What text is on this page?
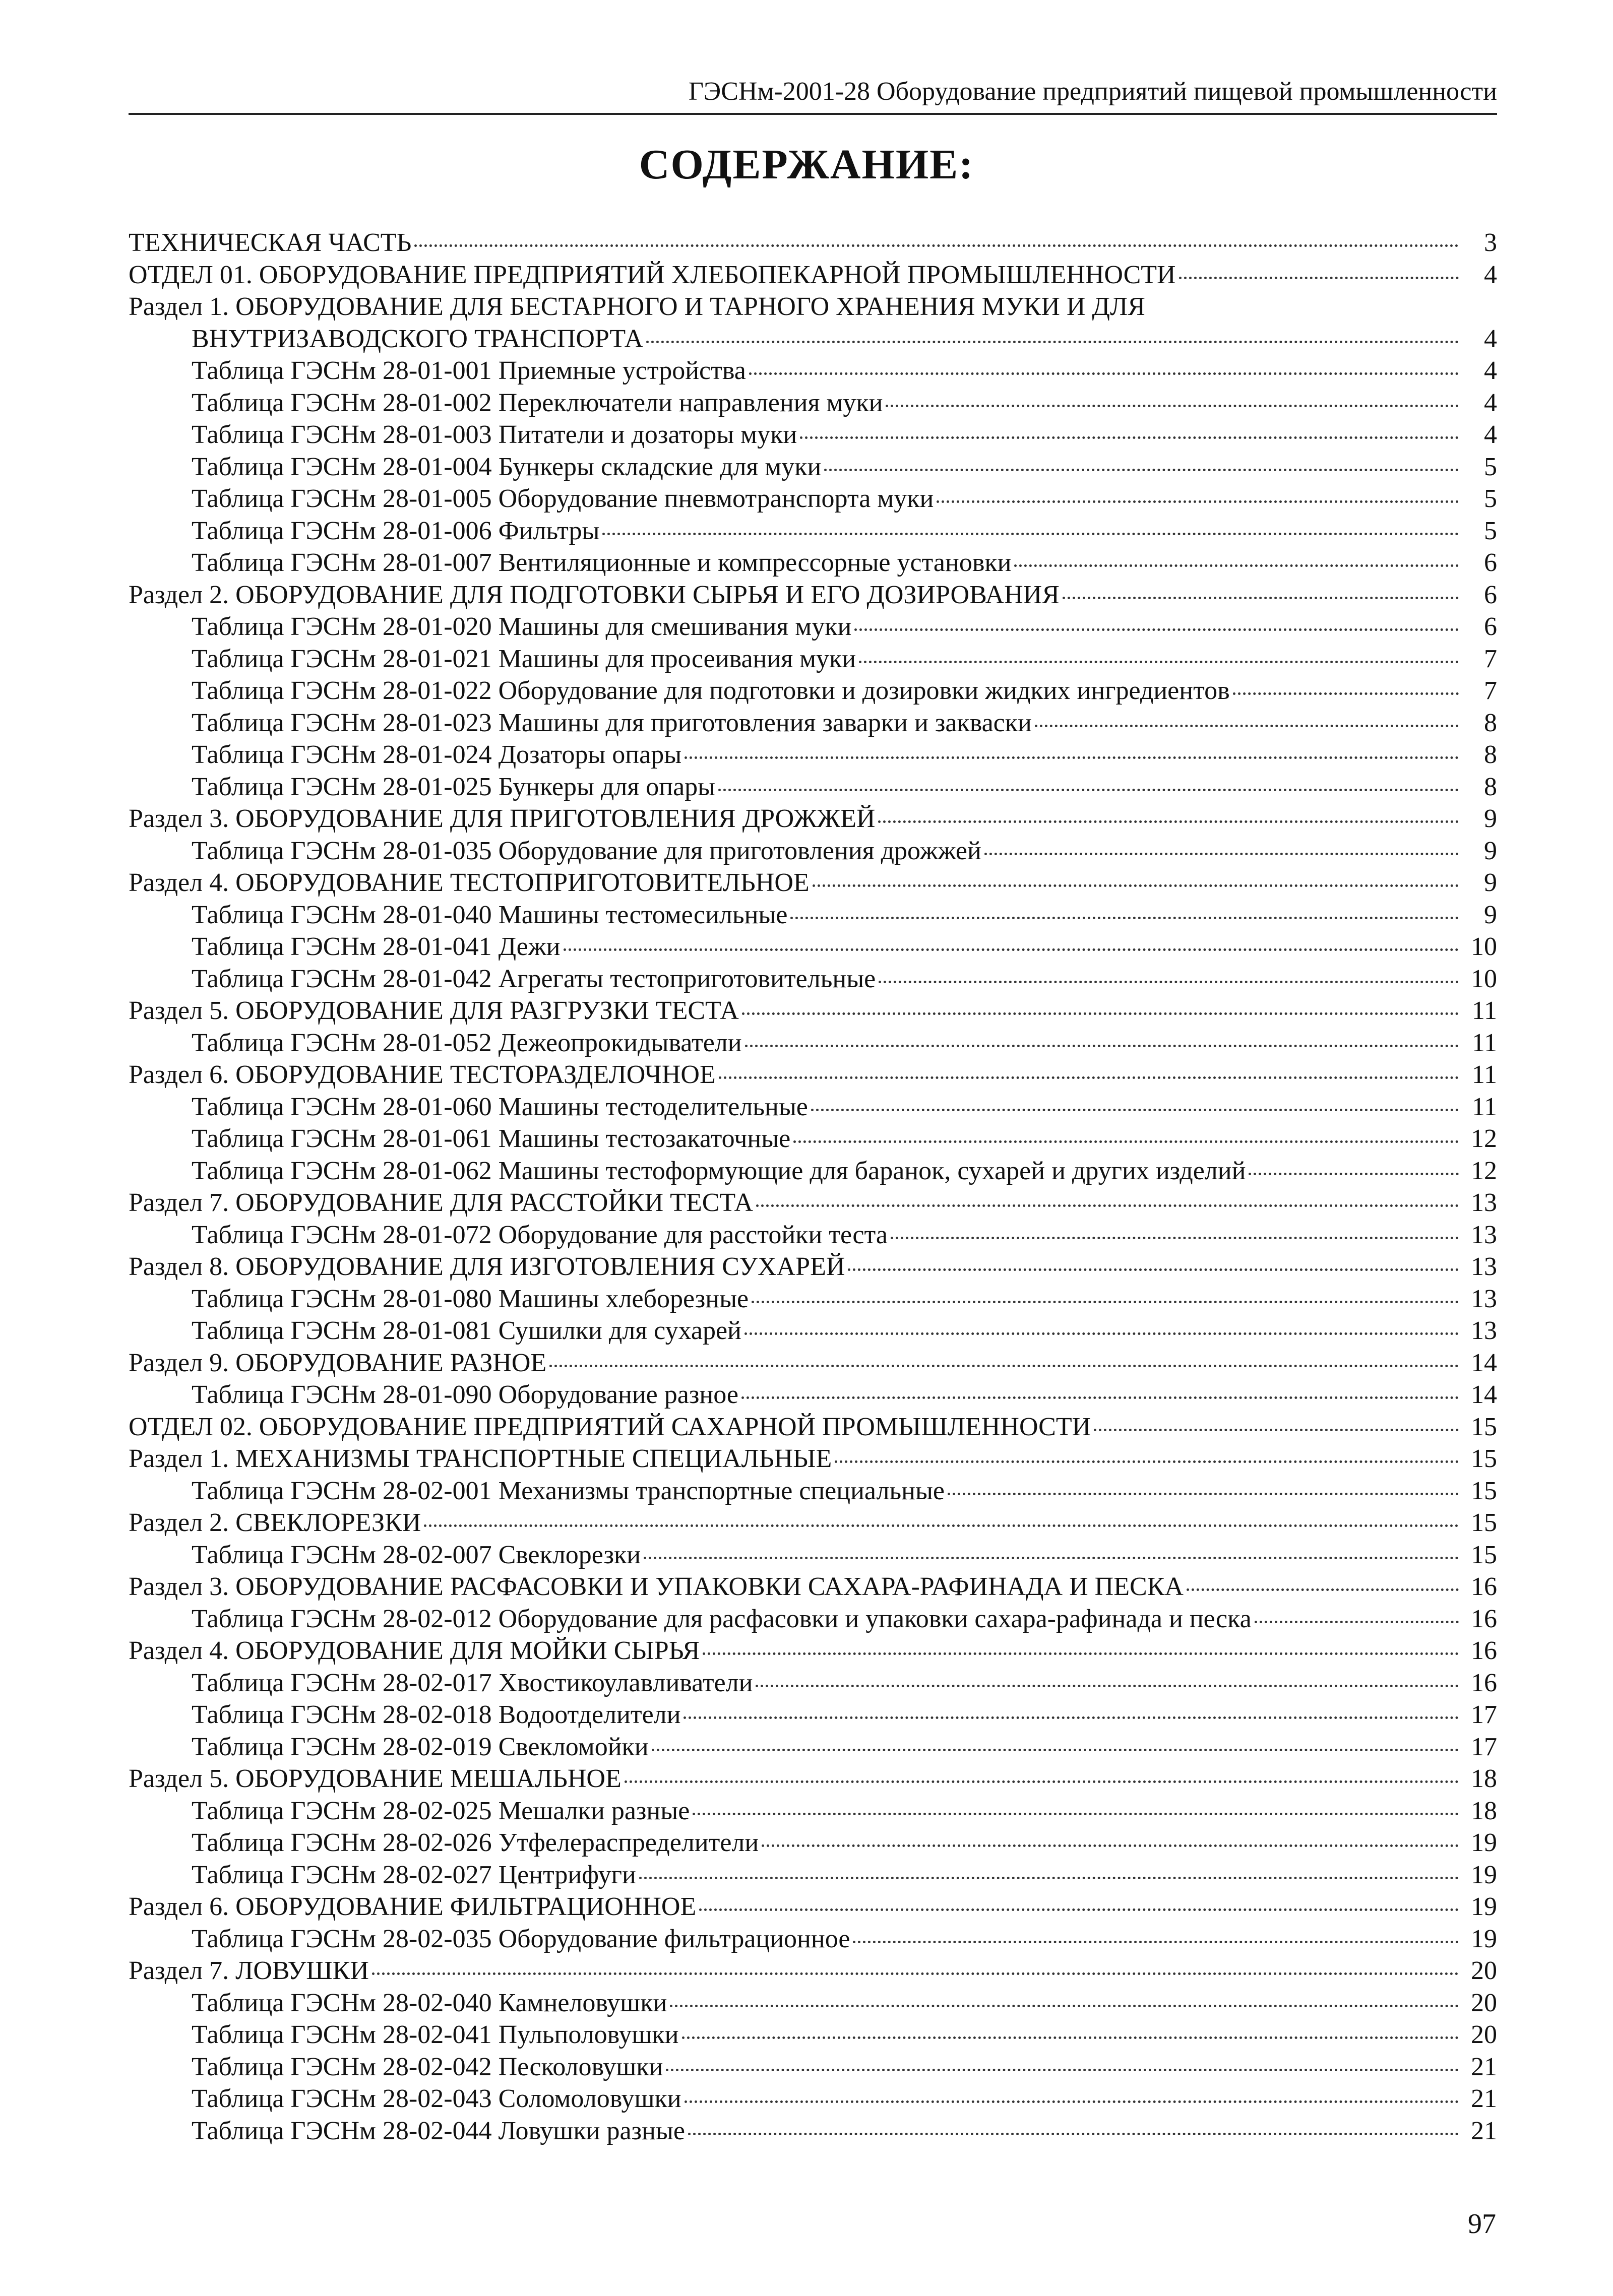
ГЭСНм-2001-28 Оборудование предприятий пищевой промышленности
СОДЕРЖАНИЕ:
ТЕХНИЧЕСКАЯ ЧАСТЬ	3
ОТДЕЛ 01. ОБОРУДОВАНИЕ ПРЕДПРИЯТИЙ ХЛЕБОПЕКАРНОЙ ПРОМЫШЛЕННОСТИ	4
Раздел 1. ОБОРУДОВАНИЕ ДЛЯ БЕСТАРНОГО И ТАРНОГО ХРАНЕНИЯ МУКИ И ДЛЯ
ВНУТРИЗАВОДСКОГО ТРАНСПОРТА	4
Таблица ГЭСНм 28-01-001 Приемные устройства	4
Таблица ГЭСНм 28-01-002 Переключатели направления муки	4
Таблица ГЭСНм 28-01-003 Питатели и дозаторы муки	4
Таблица ГЭСНм 28-01-004 Бункеры складские для муки	5
Таблица ГЭСНм 28-01-005 Оборудование пневмотранспорта муки	5
Таблица ГЭСНм 28-01-006 Фильтры	5
Таблица ГЭСНм 28-01-007 Вентиляционные и компрессорные установки	6
Раздел 2. ОБОРУДОВАНИЕ ДЛЯ ПОДГОТОВКИ СЫРЬЯ И ЕГО ДОЗИРОВАНИЯ	6
Таблица ГЭСНм 28-01-020 Машины для смешивания муки	6
Таблица ГЭСНм 28-01-021 Машины для просеивания муки	7
Таблица ГЭСНм 28-01-022 Оборудование для подготовки и дозировки жидких ингредиентов	7
Таблица ГЭСНм 28-01-023 Машины для приготовления заварки и закваски	8
Таблица ГЭСНм 28-01-024 Дозаторы опары	8
Таблица ГЭСНм 28-01-025 Бункеры для опары	8
Раздел 3. ОБОРУДОВАНИЕ ДЛЯ ПРИГОТОВЛЕНИЯ ДРОЖЖЕЙ	9
Таблица ГЭСНм 28-01-035 Оборудование для приготовления дрожжей	9
Раздел 4. ОБОРУДОВАНИЕ ТЕСТОПРИГОТОВИТЕЛЬНОЕ	9
Таблица ГЭСНм 28-01-040 Машины тестомесильные	9
Таблица ГЭСНм 28-01-041 Дежи	10
Таблица ГЭСНм 28-01-042 Агрегаты тестоприготовительные	10
Раздел 5. ОБОРУДОВАНИЕ ДЛЯ РАЗГРУЗКИ ТЕСТА	11
Таблица ГЭСНм 28-01-052 Дежеопрокидыватели	11
Раздел 6. ОБОРУДОВАНИЕ ТЕСТОРАЗДЕЛОЧНОЕ	11
Таблица ГЭСНм 28-01-060 Машины тестоделительные	11
Таблица ГЭСНм 28-01-061 Машины тестозакаточные	12
Таблица ГЭСНм 28-01-062 Машины тестоформующие для баранок, сухарей и других изделий	12
Раздел 7. ОБОРУДОВАНИЕ ДЛЯ РАССТОЙКИ ТЕСТА	13
Таблица ГЭСНм 28-01-072 Оборудование для расстойки теста	13
Раздел 8. ОБОРУДОВАНИЕ ДЛЯ ИЗГОТОВЛЕНИЯ СУХАРЕЙ	13
Таблица ГЭСНм 28-01-080 Машины хлеборезные	13
Таблица ГЭСНм 28-01-081 Сушилки для сухарей	13
Раздел 9. ОБОРУДОВАНИЕ РАЗНОЕ	14
Таблица ГЭСНм 28-01-090 Оборудование разное	14
ОТДЕЛ 02. ОБОРУДОВАНИЕ ПРЕДПРИЯТИЙ САХАРНОЙ ПРОМЫШЛЕННОСТИ	15
Раздел 1. МЕХАНИЗМЫ ТРАНСПОРТНЫЕ СПЕЦИАЛЬНЫЕ	15
Таблица ГЭСНм 28-02-001 Механизмы транспортные специальные	15
Раздел 2. СВЕКЛОРЕЗКИ	15
Таблица ГЭСНм 28-02-007 Свеклорезки	15
Раздел 3. ОБОРУДОВАНИЕ РАСФАСОВКИ И УПАКОВКИ САХАРА-РАФИНАДА И ПЕСКА	16
Таблица ГЭСНм 28-02-012 Оборудование для расфасовки и упаковки сахара-рафинада и песка	16
Раздел 4. ОБОРУДОВАНИЕ ДЛЯ МОЙКИ СЫРЬЯ	16
Таблица ГЭСНм 28-02-017 Хвостикоулавливатели	16
Таблица ГЭСНм 28-02-018 Водоотделители	17
Таблица ГЭСНм 28-02-019 Свекломойки	17
Раздел 5. ОБОРУДОВАНИЕ МЕШАЛЬНОЕ	18
Таблица ГЭСНм 28-02-025 Мешалки разные	18
Таблица ГЭСНм 28-02-026 Утфелераспределители	19
Таблица ГЭСНм 28-02-027 Центрифуги	19
Раздел 6. ОБОРУДОВАНИЕ ФИЛЬТРАЦИОННОЕ	19
Таблица ГЭСНм 28-02-035 Оборудование фильтрационное	19
Раздел 7. ЛОВУШКИ	20
Таблица ГЭСНм 28-02-040 Камнеловушки	20
Таблица ГЭСНм 28-02-041 Пульполовушки	20
Таблица ГЭСНм 28-02-042 Песколовушки	21
Таблица ГЭСНм 28-02-043 Соломоловушки	21
Таблица ГЭСНм 28-02-044 Ловушки разные	21
97
